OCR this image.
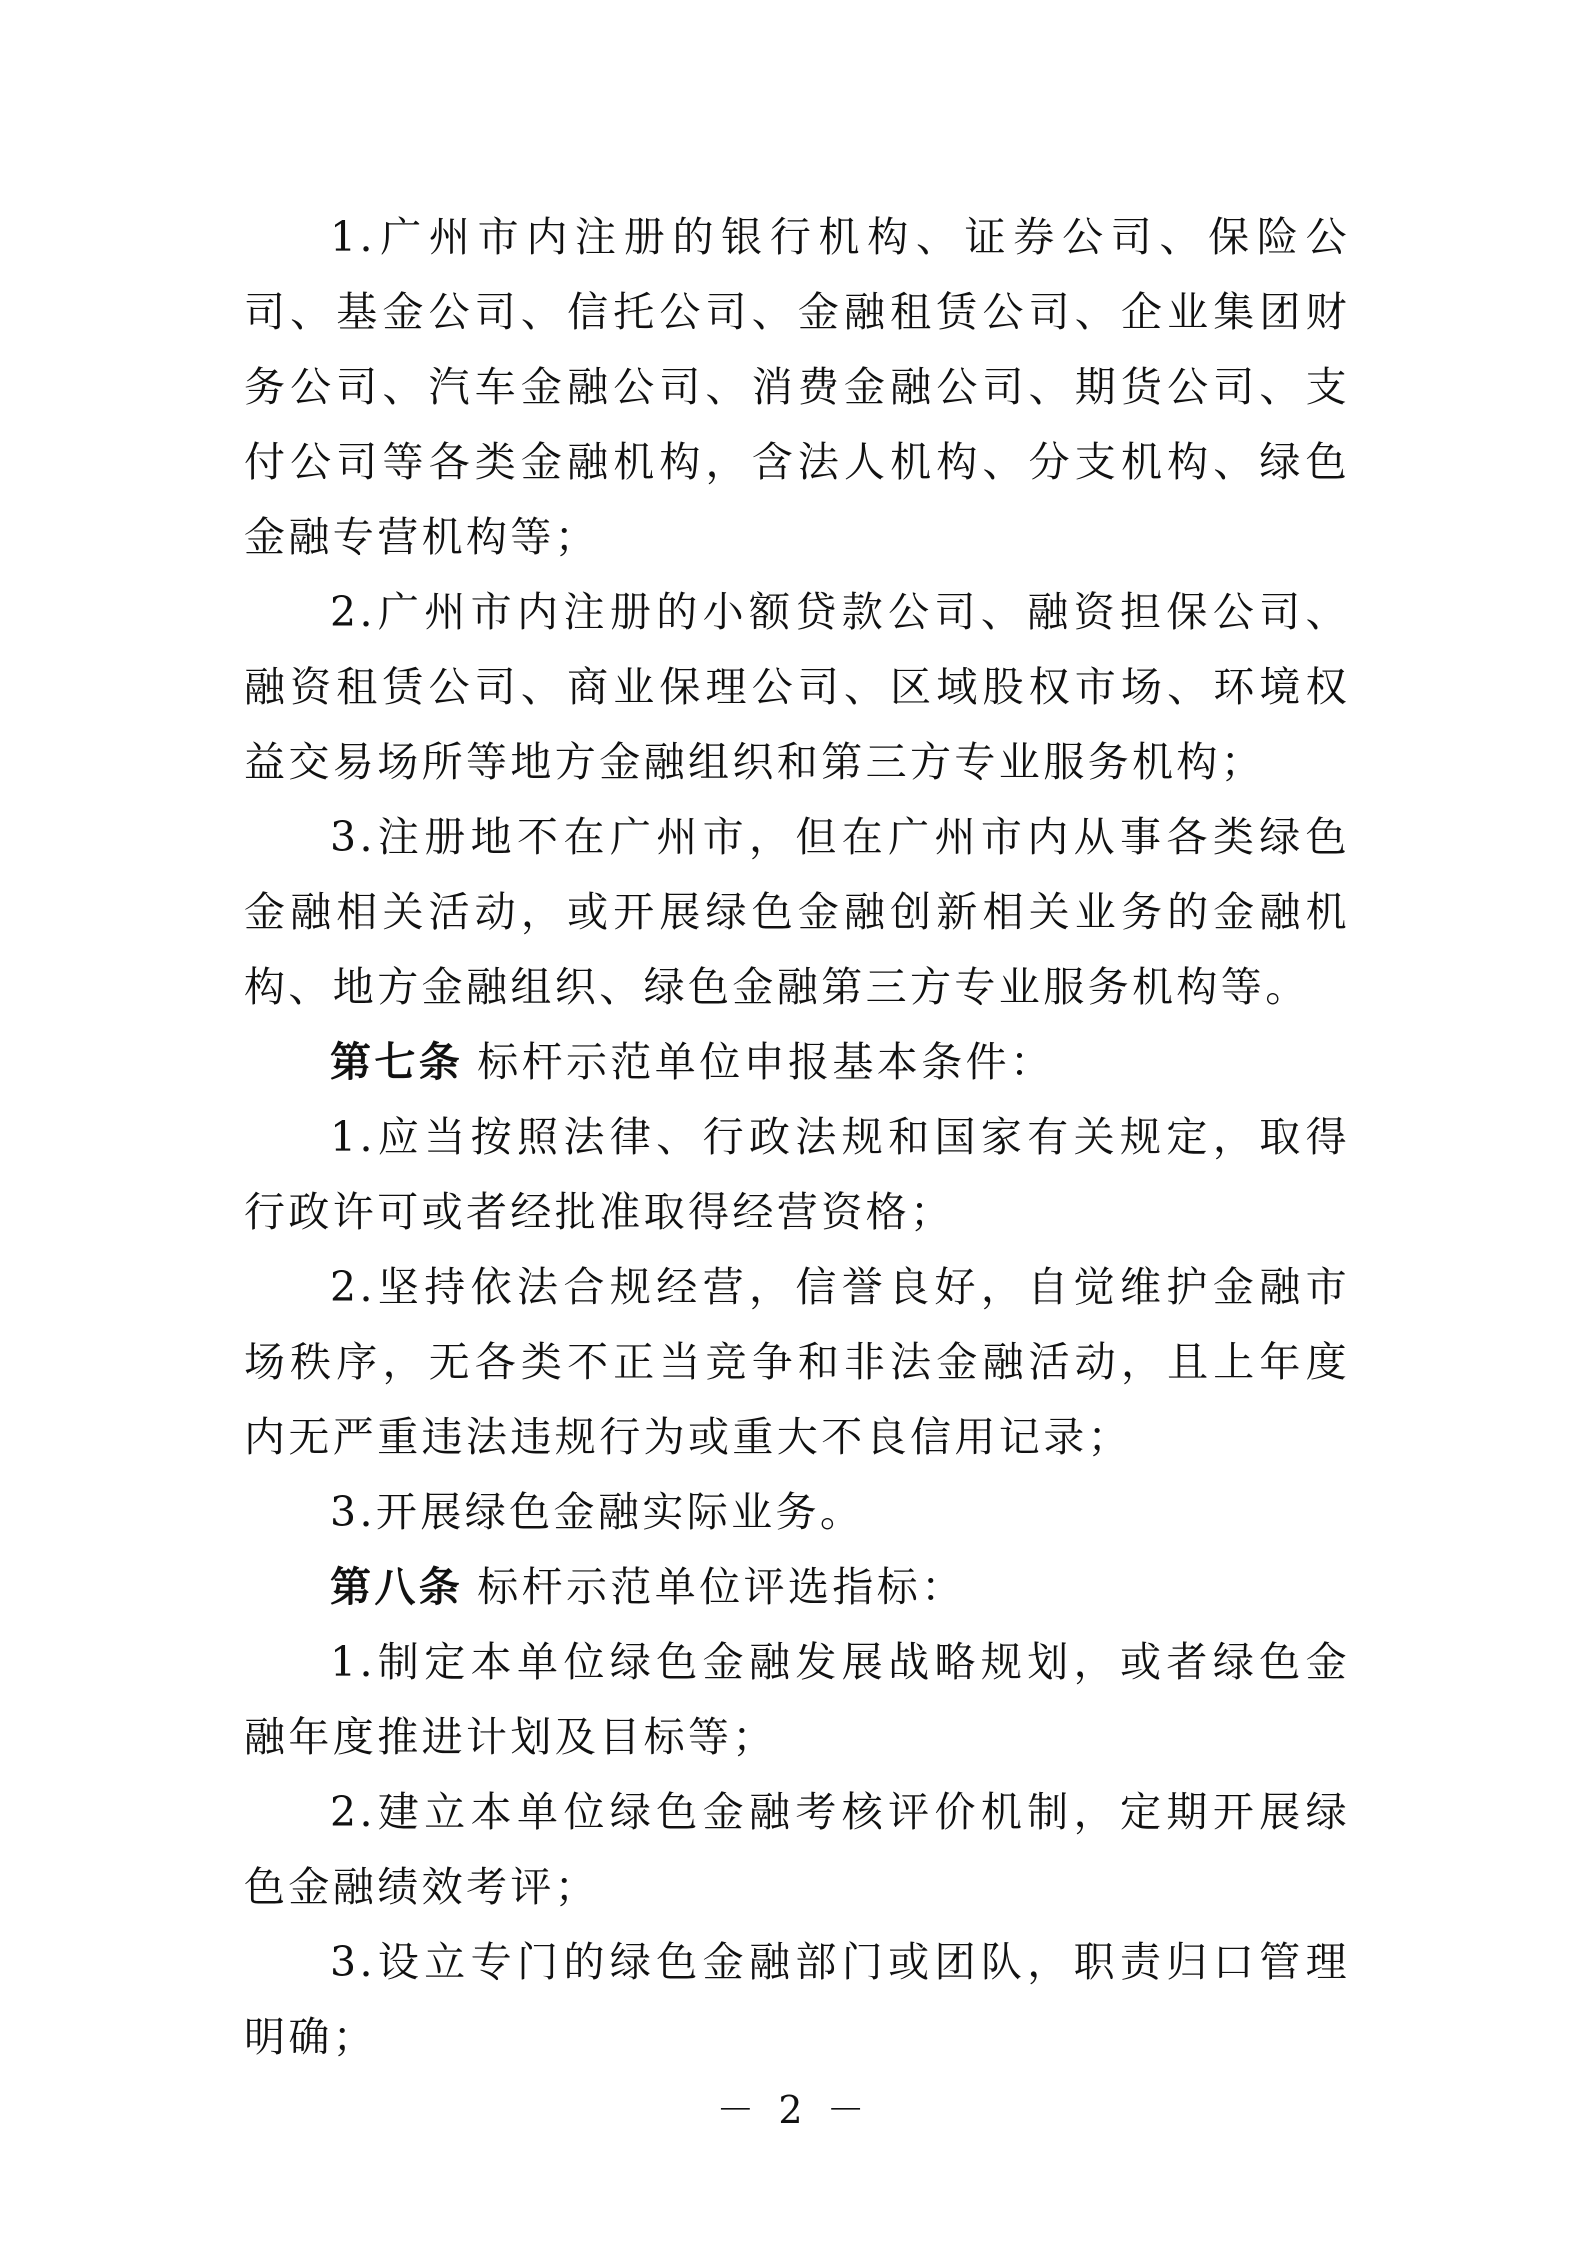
1.广州市内注册的银行机构、证券公司、保险公司、基金公司、信托公司、金融租赁公司、企业集团财务公司、汽车金融公司、消费金融公司、期货公司、支付公司等各类金融机构，含法人机构、分支机构、绿色金融专营机构等；

2.广州市内注册的小额贷款公司、融资担保公司、融资租赁公司、商业保理公司、区域股权市场、环境权益交易场所等地方金融组织和第三方专业服务机构；

3.注册地不在广州市，但在广州市内从事各类绿色金融相关活动，或开展绿色金融创新相关业务的金融机构、地方金融组织、绿色金融第三方专业服务机构等。

第七条 标杆示范单位申报基本条件：

1.应当按照法律、行政法规和国家有关规定，取得行政许可或者经批准取得经营资格；

2.坚持依法合规经营，信誉良好，自觉维护金融市场秩序，无各类不正当竞争和非法金融活动，且上年度内无严重违法违规行为或重大不良信用记录；

3.开展绿色金融实际业务。

第八条 标杆示范单位评选指标：

1.制定本单位绿色金融发展战略规划，或者绿色金融年度推进计划及目标等；

2.建立本单位绿色金融考核评价机制，定期开展绿色金融绩效考评；

3.设立专门的绿色金融部门或团队，职责归口管理明确；

－ 2 －
